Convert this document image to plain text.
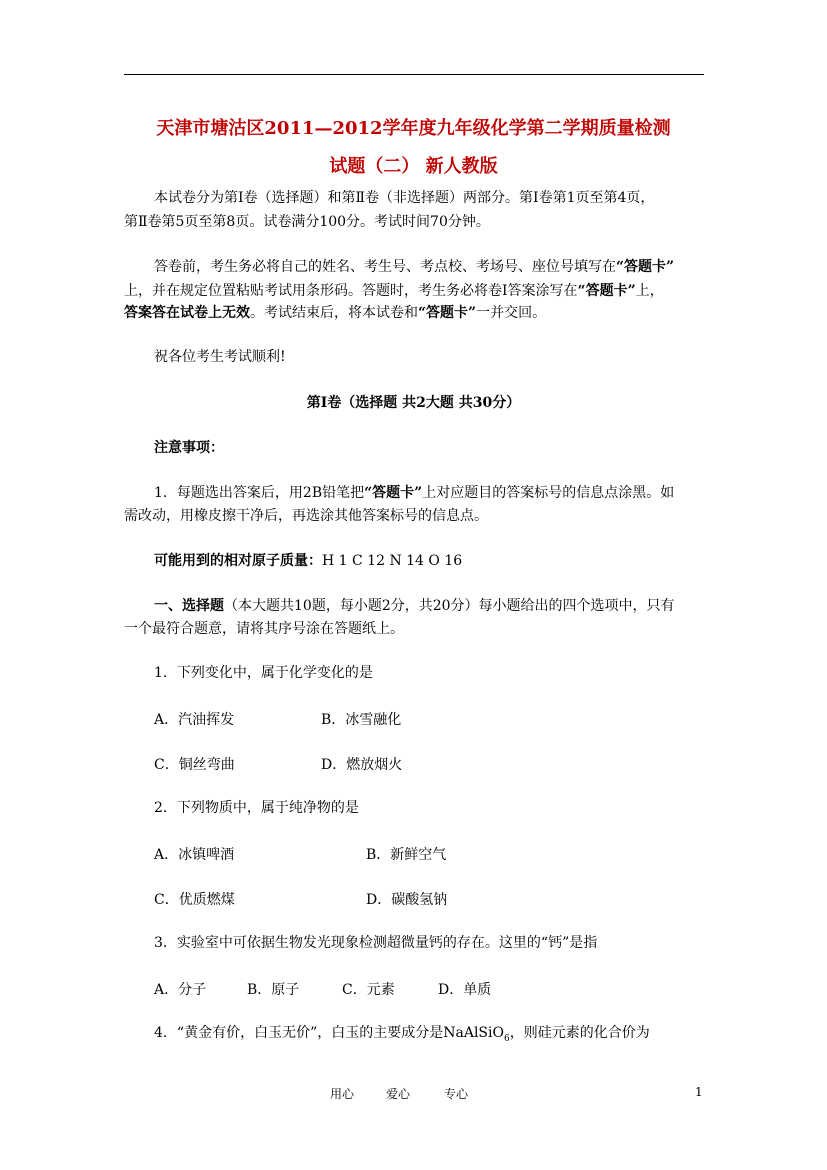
天津市塘沽区2011—2012学年度九年级化学第二学期质量检测
试题（二） 新人教版
本试卷分为第Ⅰ卷（选择题）和第Ⅱ卷（非选择题）两部分。第Ⅰ卷第1页至第4页，
第Ⅱ卷第5页至第8页。试卷满分100分。考试时间70分钟。
答卷前，考生务必将自己的姓名、考生号、考点校、考场号、座位号填写在“答题卡”
上，并在规定位置粘贴考试用条形码。答题时，考生务必将卷Ⅰ答案涂写在“答题卡”上，
答案答在试卷上无效。考试结束后，将本试卷和“答题卡”一并交回。
祝各位考生考试顺利!
第Ⅰ卷（选择题 共2大题 共30分）
注意事项：
1．每题选出答案后，用2B铅笔把“答题卡”上对应题目的答案标号的信息点涂黑。如
需改动，用橡皮擦干净后，再选涂其他答案标号的信息点。
可能用到的相对原子质量：H 1 C 12 N 14 O 16
一、选择题（本大题共10题，每小题2分，共20分）每小题给出的四个选项中，只有
一个最符合题意，请将其序号涂在答题纸上。
1．下列变化中，属于化学变化的是
A．汽油挥发	B．冰雪融化
C．铜丝弯曲	D．燃放烟火
2．下列物质中，属于纯净物的是
A．冰镇啤酒	B．新鲜空气
C．优质燃煤	D．碳酸氢钠
3．实验室中可依据生物发光现象检测超微量钙的存在。这里的“钙”是指
A．分子	B．原子	C．元素	D．单质
4．“黄金有价，白玉无价”，白玉的主要成分是NaAlSiO$_6$，则硅元素的化合价为
用心	爱心	专心	1
